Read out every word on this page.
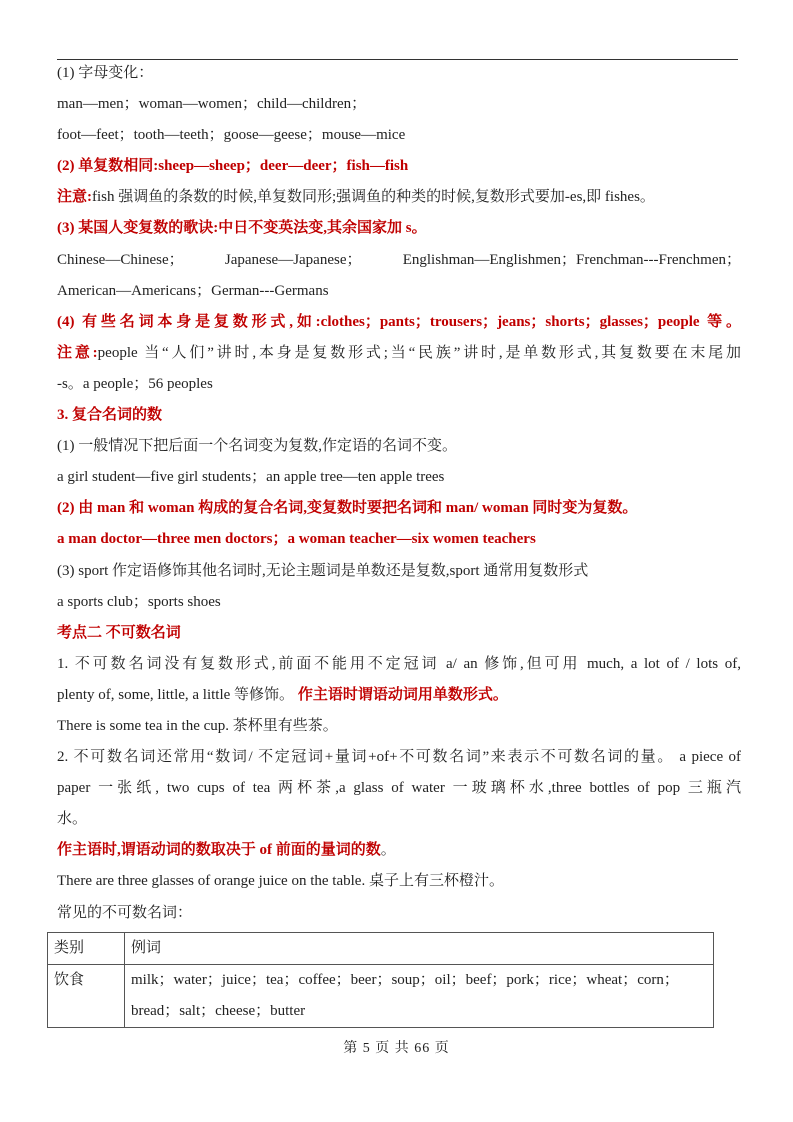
(1) 字母变化：
man—men；woman—women；child—children；
foot—feet；tooth—teeth；goose—geese；mouse—mice
(2) 单复数相同:sheep—sheep；deer—deer；fish—fish
注意:fish 强调鱼的条数的时候,单复数同形;强调鱼的种类的时候,复数形式要加-es,即 fishes。
(3) 某国人变复数的歌诀:中日不变英法变,其余国家加 s。
Chinese—Chinese； Japanese—Japanese； Englishman—Englishmen；Frenchman---Frenchmen；
American—Americans；German---Germans
(4) 有些名词本身是复数形式,如:clothes；pants；trousers；jeans；shorts；glasses；people 等。
注意:people 当“人们”讲时,本身是复数形式;当“民族”讲时,是单数形式,其复数要在末尾加
-s。a people；56 peoples
3. 复合名词的数
(1) 一般情况下把后面一个名词变为复数,作定语的名词不变。
a girl student—five girl students；an apple tree—ten apple trees
(2) 由 man 和 woman 构成的复合名词,变复数时要把名词和 man/ woman 同时变为复数。
a man doctor—three men doctors；a woman teacher—six women teachers
(3) sport 作定语修饰其他名词时,无论主题词是单数还是复数,sport 通常用复数形式
a sports club；sports shoes
考点二 不可数名词
1. 不可数名词没有复数形式,前面不能用不定冠词 a/ an 修饰,但可用 much, a lot of / lots of,
plenty of, some, little, a little 等修饰。 作主语时谓语动词用单数形式。
There is some tea in the cup. 茶杯里有些茶。
2. 不可数名词还常用“数词/ 不定冠词+量词+of+不可数名词”来表示不可数名词的量。 a piece of
paper 一张纸, two cups of tea 两杯茶,a glass of water 一玻璃杯水,three bottles of pop 三瓶汽
水。
作主语时,谓语动词的数取决于 of 前面的量词的数。
There are three glasses of orange juice on the table. 桌子上有三杯橙汁。
常见的不可数名词：
类别	例词
饮食	milk；water；juice；tea；coffee；beer；soup；oil；beef；pork；rice；wheat；corn；bread；salt；cheese；butter
第 5 页 共 66 页
